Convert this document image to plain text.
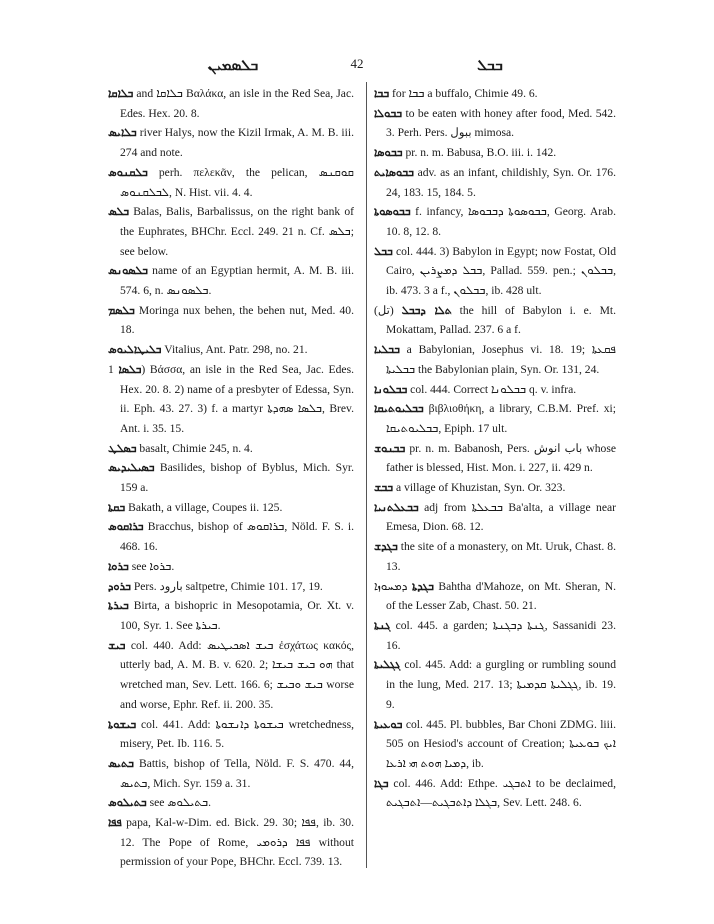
ܒܠܣܡܝܢ	42	ܒܒܠ

ܒܠܐܩܐ and ܒܠܐܩܐ Βαλάκα, an isle in the Red Sea, Jac. Edes. Hex. 20. 8.

ܒܠܐܝܣ river Halys, now the Kizil Irmak, A. M. B. iii. 274 and note.

ܒܠܩܢܘܣ perh. πελεκᾶν, the pelican, ܩܘܩܢܣ ܠܒܠܩܢܘܣ, N. Hist. vii. 4. 4.

ܒܠܣ Balas, Balis, Barbalissus, on the right bank of the Euphrates, BHChr. Eccl. 249. 21 n. Cf. ܒܠܣ; see below.

ܒܠܣܘܢܣ name of an Egyptian hermit, A. M. B. iii. 574. 6, n. ܒܠܣܘܢܣ.

ܒܠܣܡ Moringa nux behen, the behen nut, Med. 40. 18.

ܒܠܝܛܐܠܝܘܣ Vitalius, Ant. Patr. 298, no. 21.

ܒܠܣܐ 1) Βάσσα, an isle in the Red Sea, Jac. Edes. Hex. 20. 8. 2) name of a presbyter of Edessa, Syn. ii. Eph. 43. 27. 3) f. a martyr ܒܠܣܐ ܣܗܕܬܐ, Brev. Ant. i. 35. 15.

ܒܣܠܛ basalt, Chimie 245, n. 4.

ܒܣܝܠܝܕܝܣ Basilides, bishop of Byblus, Mich. Syr. 159 a.

ܒܩܬܐ Bakath, a village, Coupes ii. 125.

ܒܪܐܩܘܣ Bracchus, bishop of ܒܪܐܩܘܣ, Nöld. F. S. i. 468. 16.

ܒܪܘܐ see ܒܪܘܐ.

ܒܪܘܕ Pers. بارود saltpetre, Chimie 101. 17, 19.

ܒܝܪܬܐ Birta, a bishopric in Mesopotamia, Or. Xt. v. 100, Syr. 1. See ܒܝܪܬܐ.

ܒܝܫ col. 440. Add: ܒܝܫ ܐܣܟܝܛܝܣ ἐσχάτως κακός, utterly bad, A. M. B. v. 620. 2; ܗܘ ܒܝܫ ܒܝܫܐ that wretched man, Sev. Lett. 166. 6; ܒܝܫ ܘܒܝܫ worse and worse, Ephr. Ref. ii. 200. 35.

ܒܝܫܘܬܐ col. 441. Add: ܒܝܫܘܬܐ ܕܐܢܫܘܬܐ wretchedness, misery, Pet. Ib. 116. 5.

ܒܬܝܣ Battis, bishop of Tella, Nöld. F. S. 470. 44, ܒܬܝܣ, Mich. Syr. 159 a. 31.

ܒܬܝܠܘܣ see ܒܬܝܠܘܣ.

ܦܦܐ papa, Kal-w-Dim. ed. Bick. 29. 30; ܦܦܐ, ib. 30. 12. The Pope of Rome, ܦܦܐ ܕܪܘܡܝ without permission of your Pope, BHChr. Eccl. 739. 13.

ܒܒܐ for ܒܒܐ a buffalo, Chimie 49. 6.

ܒܒܘܠܐ to be eaten with honey after food, Med. 542. 3. Perh. Pers. ببول mimosa.

ܒܒܘܣܐ pr. n. m. Babusa, B.O. iii. i. 142.

ܒܒܘܣܐܝܬ adv. as an infant, childishly, Syn. Or. 176. 24, 183. 15, 184. 5.

ܒܒܘܣܘܬܐ f. infancy, ܒܒܘܣܘܬܐ ܕܒܒܘܣܐ, Georg. Arab. 10. 8, 12. 8.

ܒܒܠ col. 444. 3) Babylon in Egypt; now Fostat, Old Cairo, ܒܒܠ ܕܡܨܪܝܢ, Pallad. 559. pen.; ܒܒܠܘܢ, ib. 473. 3 a f., ܒܒܠܘܢ, ib. 428 ult.

ܬܠܐ ܕܒܒܠ (تل) the hill of Babylon i. e. Mt. Mokattam, Pallad. 237. 6 a f.

ܒܒܠܝܐ a Babylonian, Josephus vi. 18. 19; ܦܩܥܬܐ ܒܒܠܝܬܐ the Babylonian plain, Syn. Or. 131, 24.

ܒܒܠܘܢܐ col. 444. Correct ܒܒܠܘܢܐ q. v. infra.

ܒܒܠܝܘܬܝܩܐ βιβλιοθήκη, a library, C.B.M. Pref. xi; ܒܒܠܝܘܬܝܩܐ, Epiph. 17 ult.

ܒܒܢܘܫ pr. n. m. Babanosh, Pers. باب انوش whose father is blessed, Hist. Mon. i. 227, ii. 429 n.

ܒܒܫ a village of Khuzistan, Syn. Or. 323.

ܒܒܥܠܬܢܝܐ adj from ܒܒܥܠܬܐ Ba'alta, a village near Emesa, Dion. 68. 12.

ܒܓܕܫ the site of a monastery, on Mt. Uruk, Chast. 8. 13.

ܒܓܕܬܐ ܕܡܚܘܙܐ Bahtha d'Mahoze, on Mt. Sheran, N. of the Lesser Zab, Chast. 50. 21.

ܓܢܬܐ col. 445. a garden; ܓܢܬܐ ܕܒܓܢܬܐ, Sassanidi 23. 16.

ܓܓܠܝܬܐ col. 445. Add: a gurgling or rumbling sound in the lung, Med. 217. 13; ܓܓܠܝܬܐ ܩܕܡܝܬܐ, ib. 19. 9.

ܒܘܥܝܬܐ col. 445. Pl. bubbles, Bar Choni ZDMG. liii. 505 on Hesiod's account of Creation; ܐܝܟ ܒܘܥܝܬܐ ܕܡܝܐ ܗܘܬ ܗܝ ܐܪܥܐ, ib.

ܒܓܐ col. 446. Add: Ethpe. ܐܬܒܓܝ to be declaimed, ܒܓܠܐ ܕܐܬܒܓܝܬ—ܐܬܒܓܝܬ, Sev. Lett. 248. 6.
